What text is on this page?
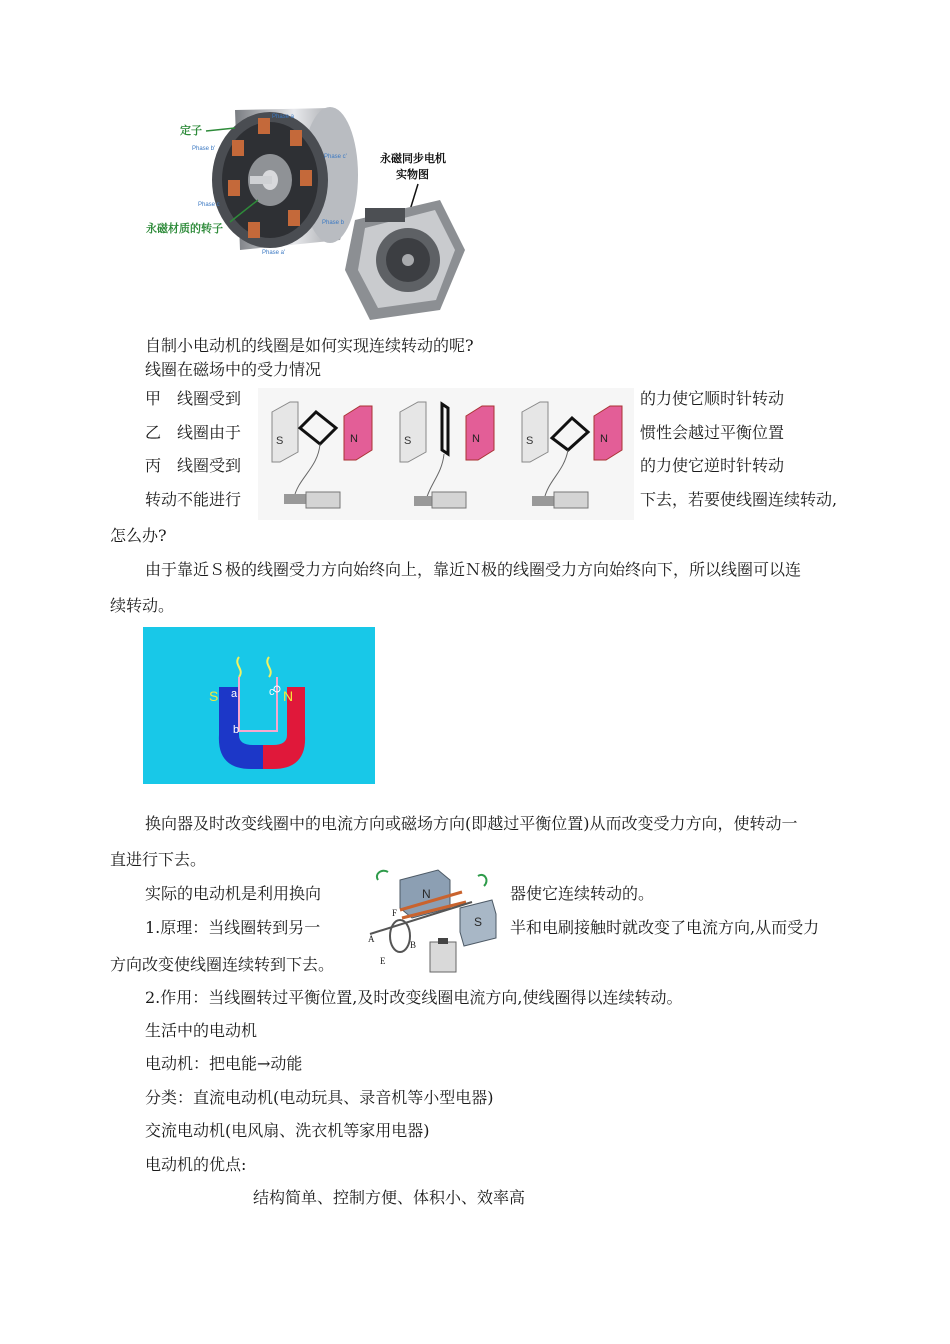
定子
永磁材质的转子
Phase a
Phase b'
Phase c'
Phase c
Phase b
Phase a'
永磁同步电机
实物图
自制小电动机的线圈是如何实现连续转动的呢?
线圈在磁场中的受力情况
甲　线圈受到	的力使它顺时针转动
乙　线圈由于	惯性会越过平衡位置
丙　线圈受到	的力使它逆时针转动
转动不能进行	下去，若要使线圈连续转动,
怎么办?
S	N	S	N	S	N
由于靠近Ｓ极的线圈受力方向始终向上，靠近Ｎ极的线圈受力方向始终向下，所以线圈可以连
续转动。
S	N
a
b
c
换向器及时改变线圈中的电流方向或磁场方向(即越过平衡位置)从而改变受力方向，使转动一
直进行下去。
实际的电动机是利用换向	器使它连续转动的。
1.原理：当线圈转到另一	半和电刷接触时就改变了电流方向,从而受力
方向改变使线圈连续转到下去。
N
S
A
B
E
F
2.作用：当线圈转过平衡位置,及时改变线圈电流方向,使线圈得以连续转动。
生活中的电动机
电动机：把电能→动能
分类：直流电动机(电动玩具、录音机等小型电器)
交流电动机(电风扇、洗衣机等家用电器)
电动机的优点:
结构简单、控制方便、体积小、效率高
